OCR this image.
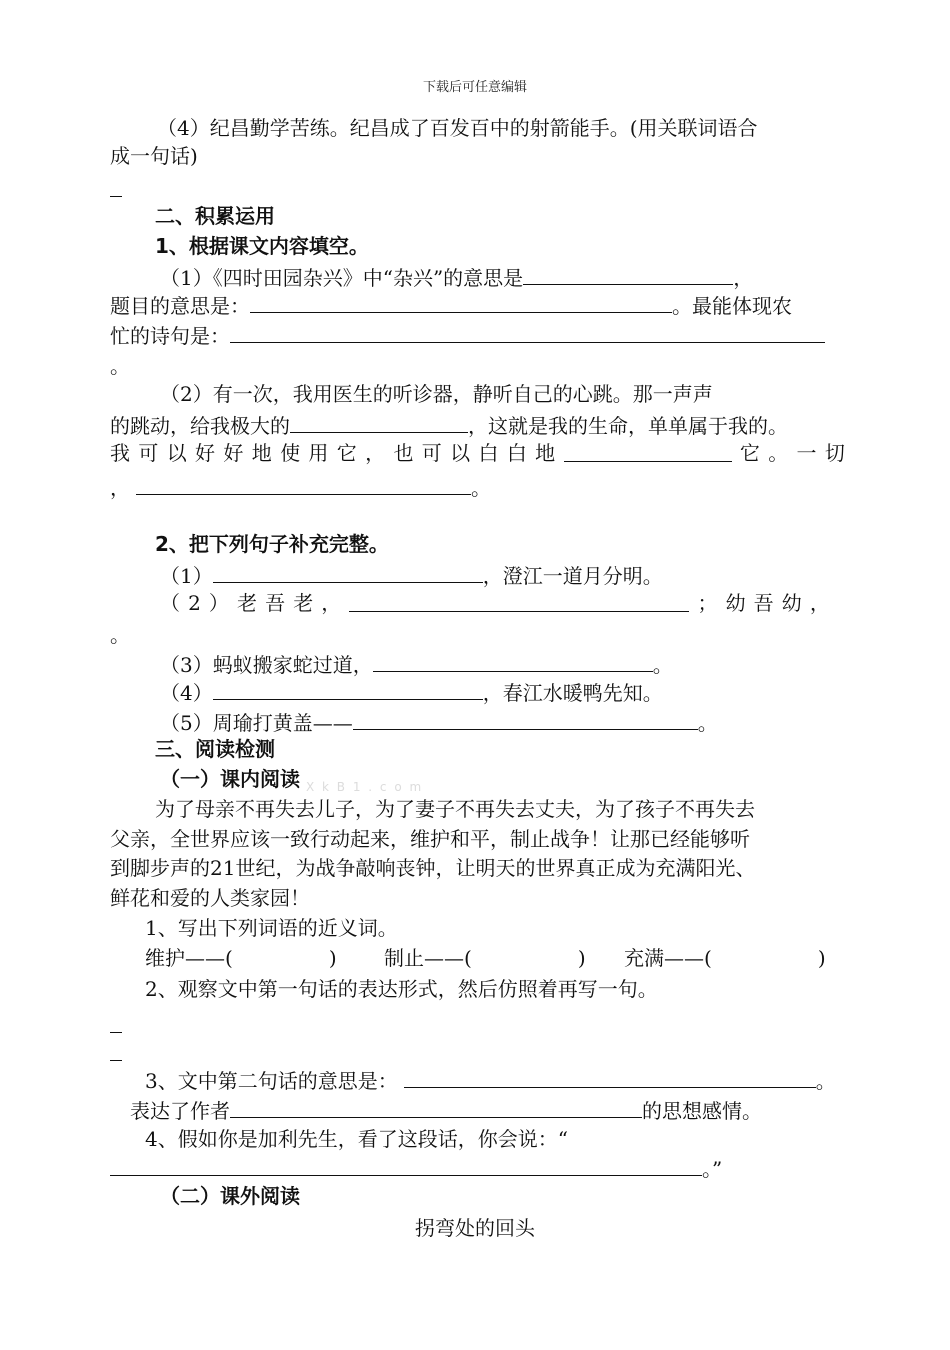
下载后可任意编辑
（4）纪昌勤学苦练。纪昌成了百发百中的射箭能手。(用关联词语合
成一句话)
二、积累运用
1、根据课文内容填空。
（1）《四时田园杂兴》中“杂兴”的意思是	，
题目的意思是：	。最能体现农
忙的诗句是：
。
（2）有一次，我用医生的听诊器，静听自己的心跳。那一声声
的跳动，给我极大的	，这就是我的生命，单单属于我的。
我 可 以 好 好 地 使 用 它 ， 也 可 以 白 白 地	它 。 一 切
，	。
2、把下列句子补充完整。
（1）	，澄江一道月分明。
（ 2 ） 老 吾 老 ，	； 幼 吾 幼 ，
。
（3）蚂蚁搬家蛇过道，	。
（4）	，春江水暖鸭先知。
（5）周瑜打黄盖——	。
三、阅读检测
（一）课内阅读 X k B 1 . c o m
为了母亲不再失去儿子，为了妻子不再失去丈夫，为了孩子不再失去
父亲，全世界应该一致行动起来，维护和平，制止战争！让那已经能够听
到脚步声的21世纪，为战争敲响丧钟，让明天的世界真正成为充满阳光、
鲜花和爱的人类家园！
1、写出下列词语的近义词。
维护——(	) 制止——(	) 充满——(	)
2、观察文中第一句话的表达形式，然后仿照着再写一句。
3、文中第二句话的意思是：	。
表达了作者	的思想感情。
4、假如你是加利先生，看了这段话，你会说：“
。”
（二）课外阅读
拐弯处的回头
